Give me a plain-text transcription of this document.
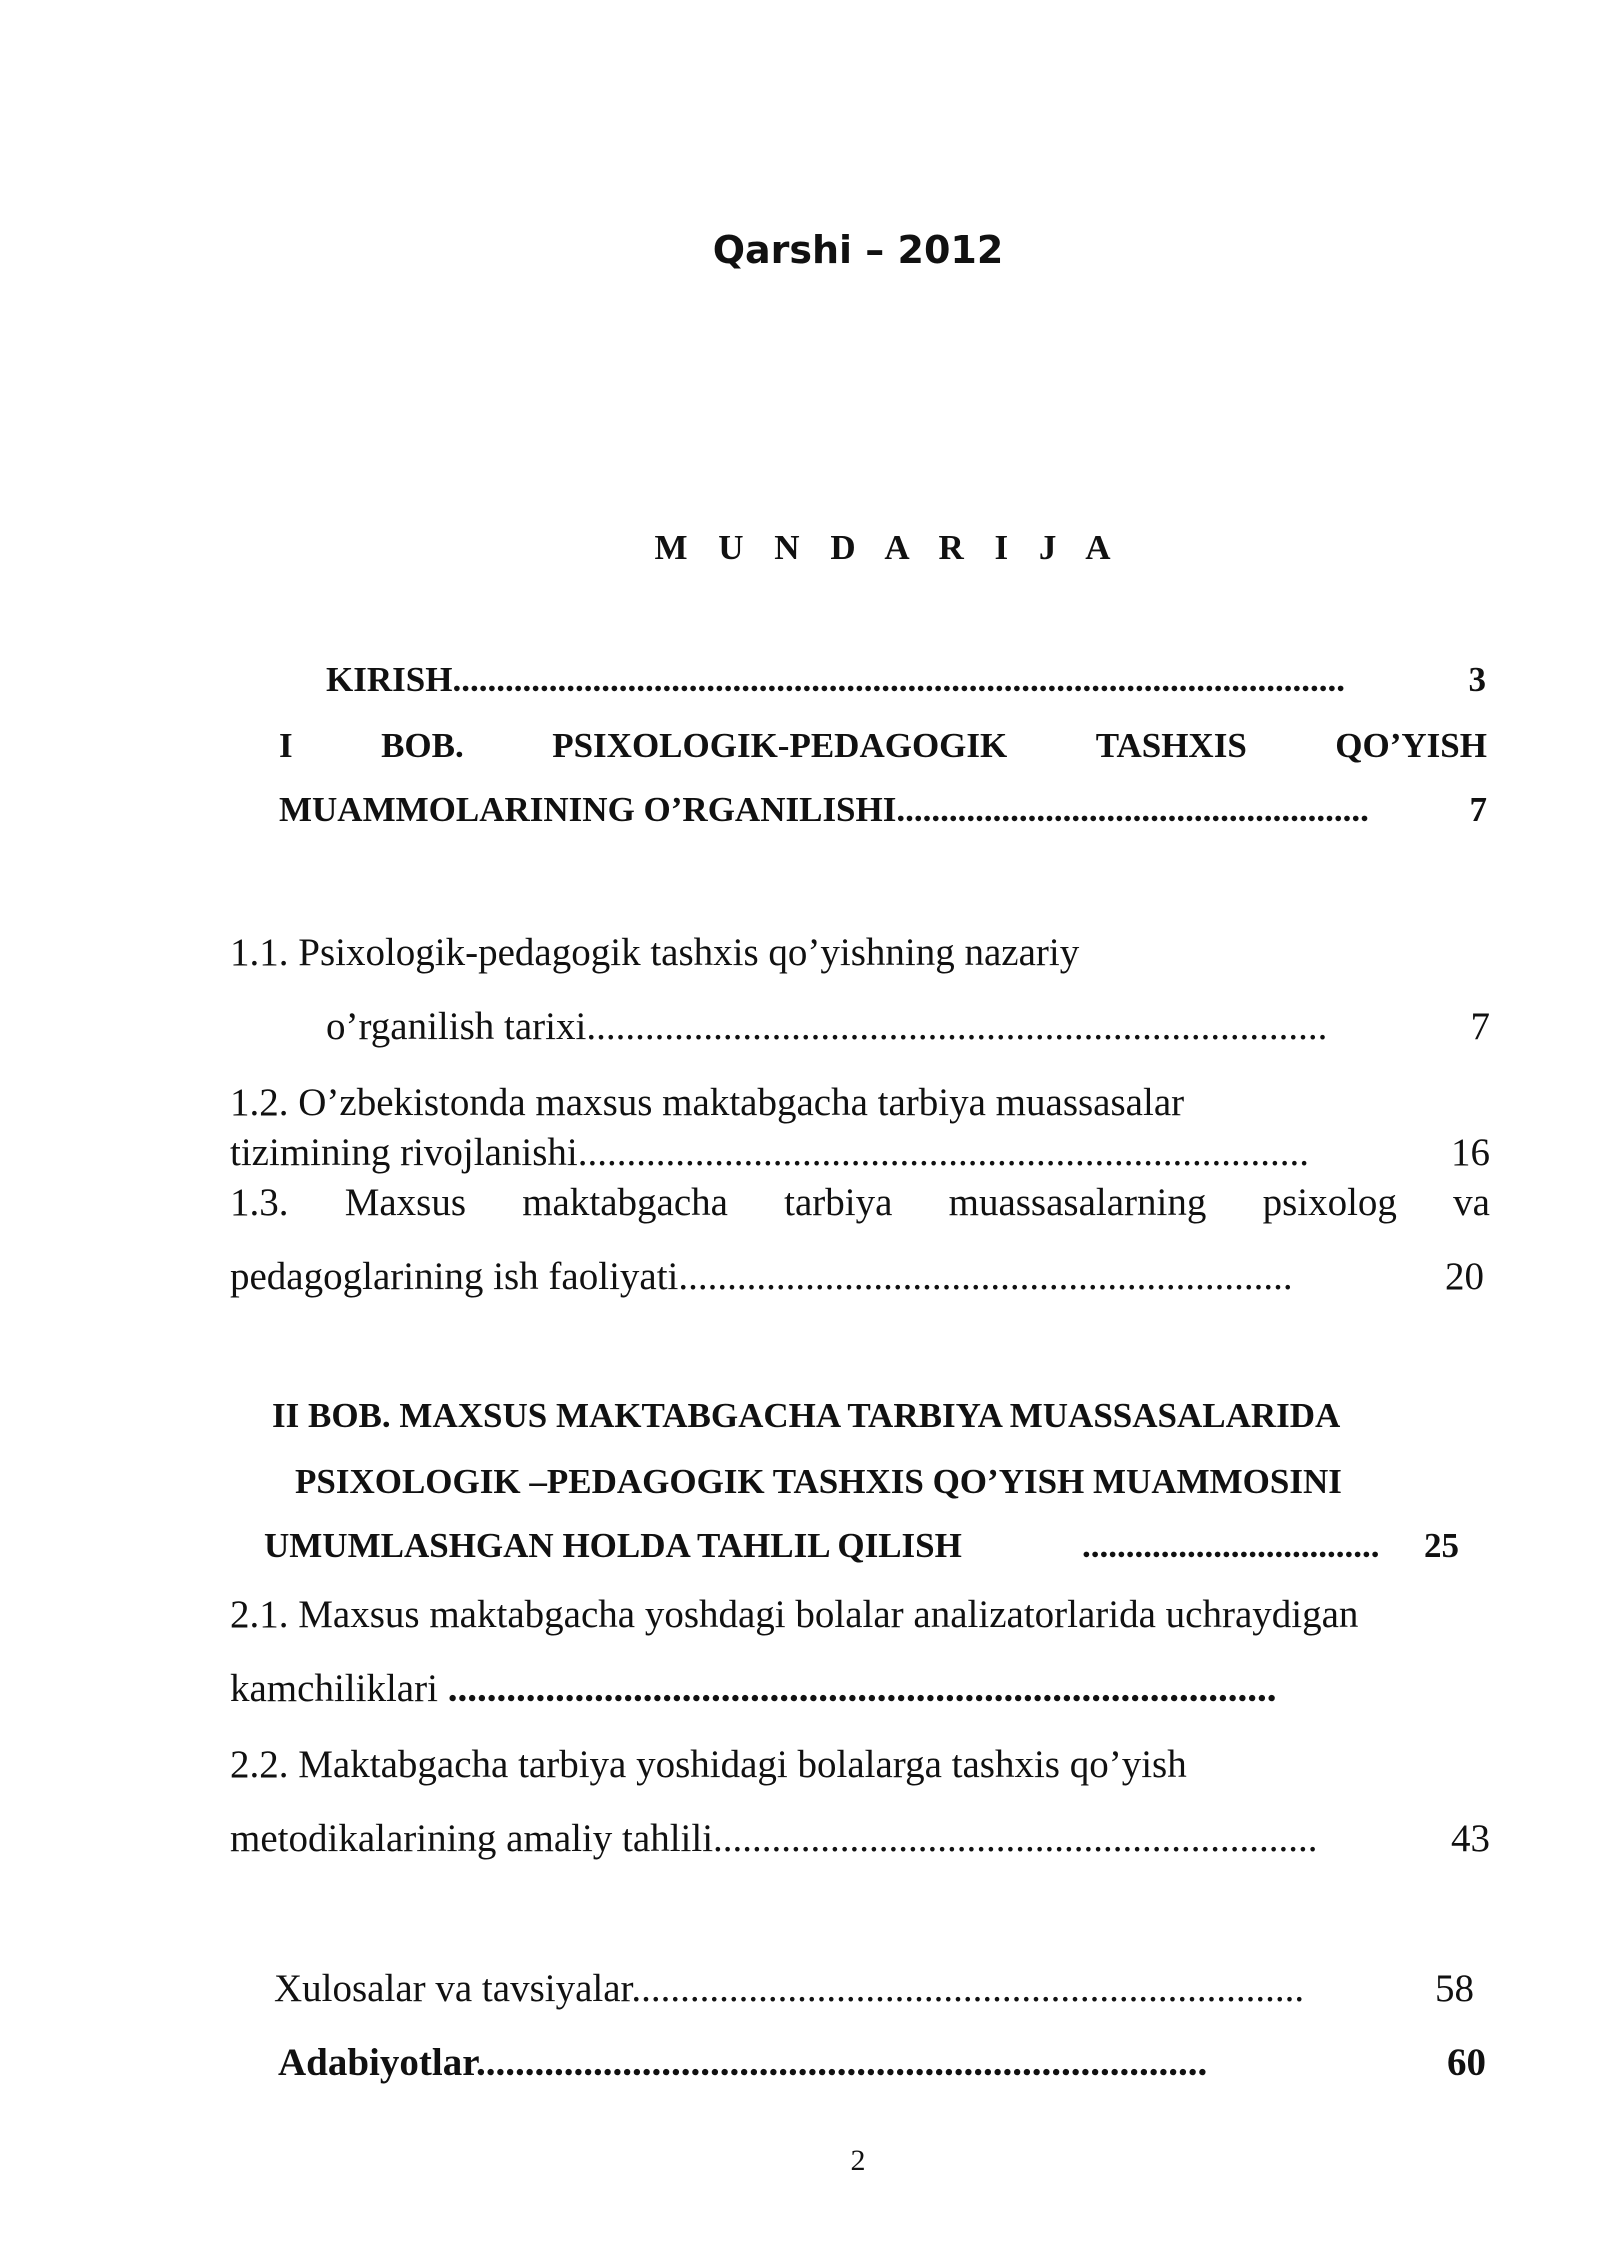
Qarshi – 2012
M U N D A R I J A
KIRISH......................................................................................................	3
I	BOB.	PSIXOLOGIK-PEDAGOGIK	TASHXIS	QO’YISH
MUAMMOLARINING O’RGANILISHI......................................................	7
1.1. Psixologik-pedagogik tashxis qo’yishning nazariy
o’rganilish tarixi............................................................................	7
1.2. O’zbekistonda maxsus maktabgacha tarbiya muassasalar
tizimining rivojlanishi...........................................................................	16
1.3. Maxsus maktabgacha tarbiya muassasalarning psixolog va
pedagoglarining ish faoliyati...............................................................	20
II BOB. MAXSUS MAKTABGACHA TARBIYA MUASSASALARIDA
PSIXOLOGIK –PEDAGOGIK TASHXIS QO’YISH MUAMMOSINI
UMUMLASHGAN HOLDA TAHLIL QILISH	.................................. 25
2.1. Maxsus maktabgacha yoshdagi bolalar analizatorlarida uchraydigan
kamchiliklari .....................................................................................
2.2. Maktabgacha tarbiya yoshidagi bolalarga tashxis qo’yish
metodikalarining amaliy tahlili..............................................................	43
Xulosalar va tavsiyalar.....................................................................	58
Adabiyotlar...........................................................................	60
2
